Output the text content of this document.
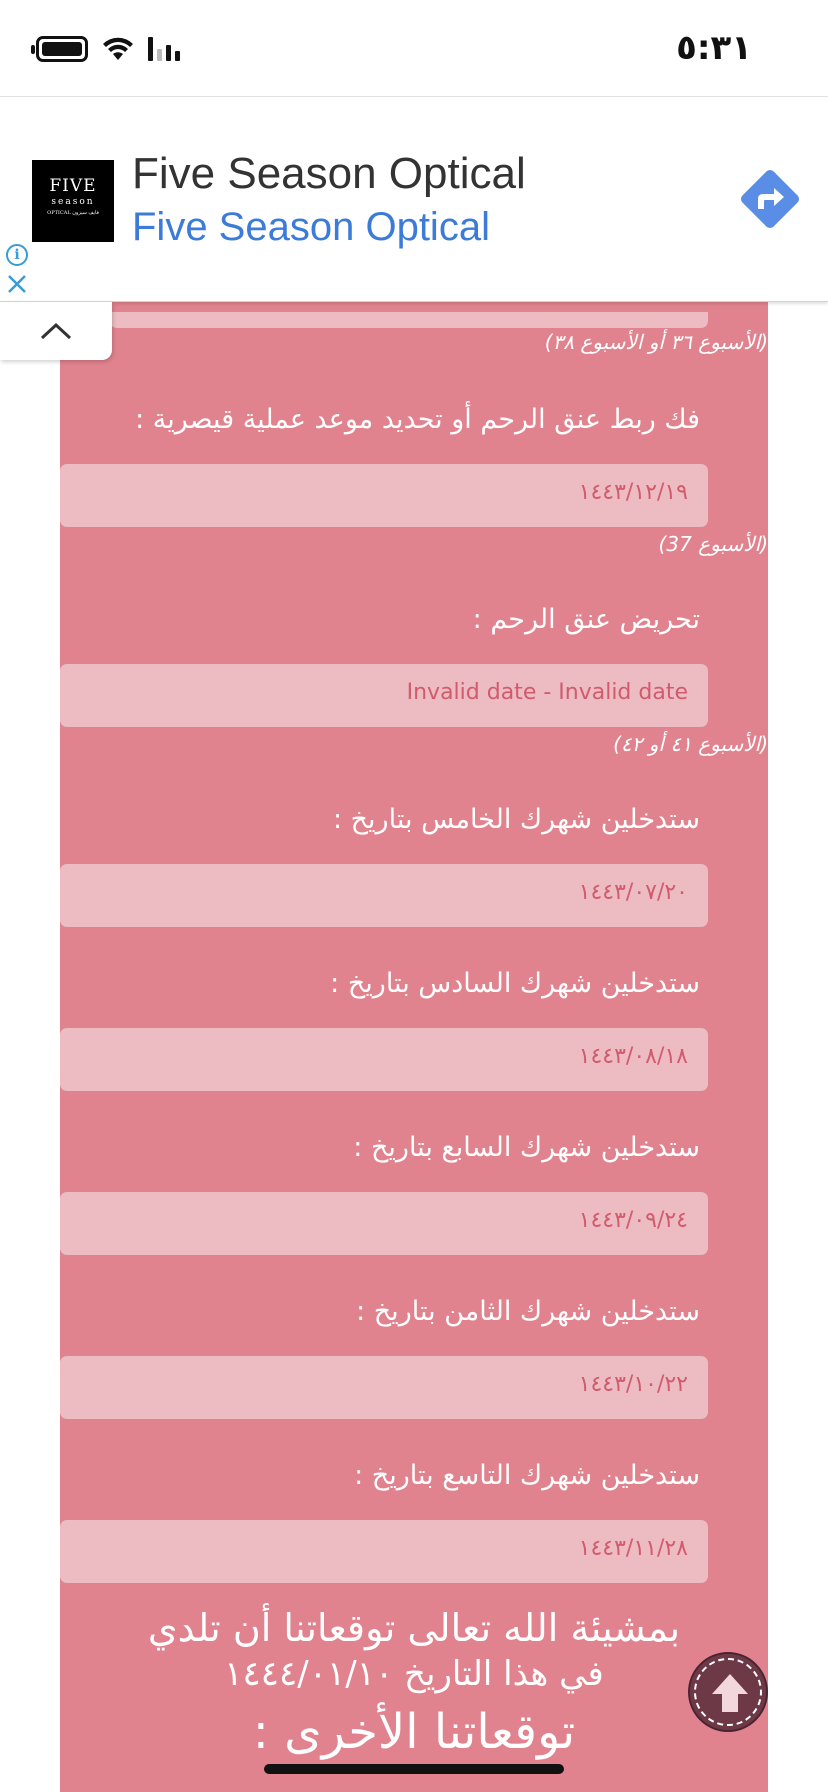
٥:٣١
(الأسبوع ٣٦ أو الأسبوع ٣٨)
فك ربط عنق الرحم أو تحديد موعد عملية قيصرية :
١٤٤٣/١٢/١٩
(الأسبوع 37)
تحريض عنق الرحم :
Invalid date - Invalid date
(الأسبوع ٤١ أو ٤٢)
ستدخلين شهرك الخامس بتاريخ :
١٤٤٣/٠٧/٢٠
ستدخلين شهرك السادس بتاريخ :
١٤٤٣/٠٨/١٨
ستدخلين شهرك السابع بتاريخ :
١٤٤٣/٠٩/٢٤
ستدخلين شهرك الثامن بتاريخ :
١٤٤٣/١٠/٢٢
ستدخلين شهرك التاسع بتاريخ :
١٤٤٣/١١/٢٨
بمشيئة الله تعالى توقعاتنا أن تلدي
في هذا التاريخ ١٤٤٤/٠١/١٠
توقعاتنا الأخرى :
FIVE
season
OPTICAL فايف سيزون
Five Season Optical
Five Season Optical
i
